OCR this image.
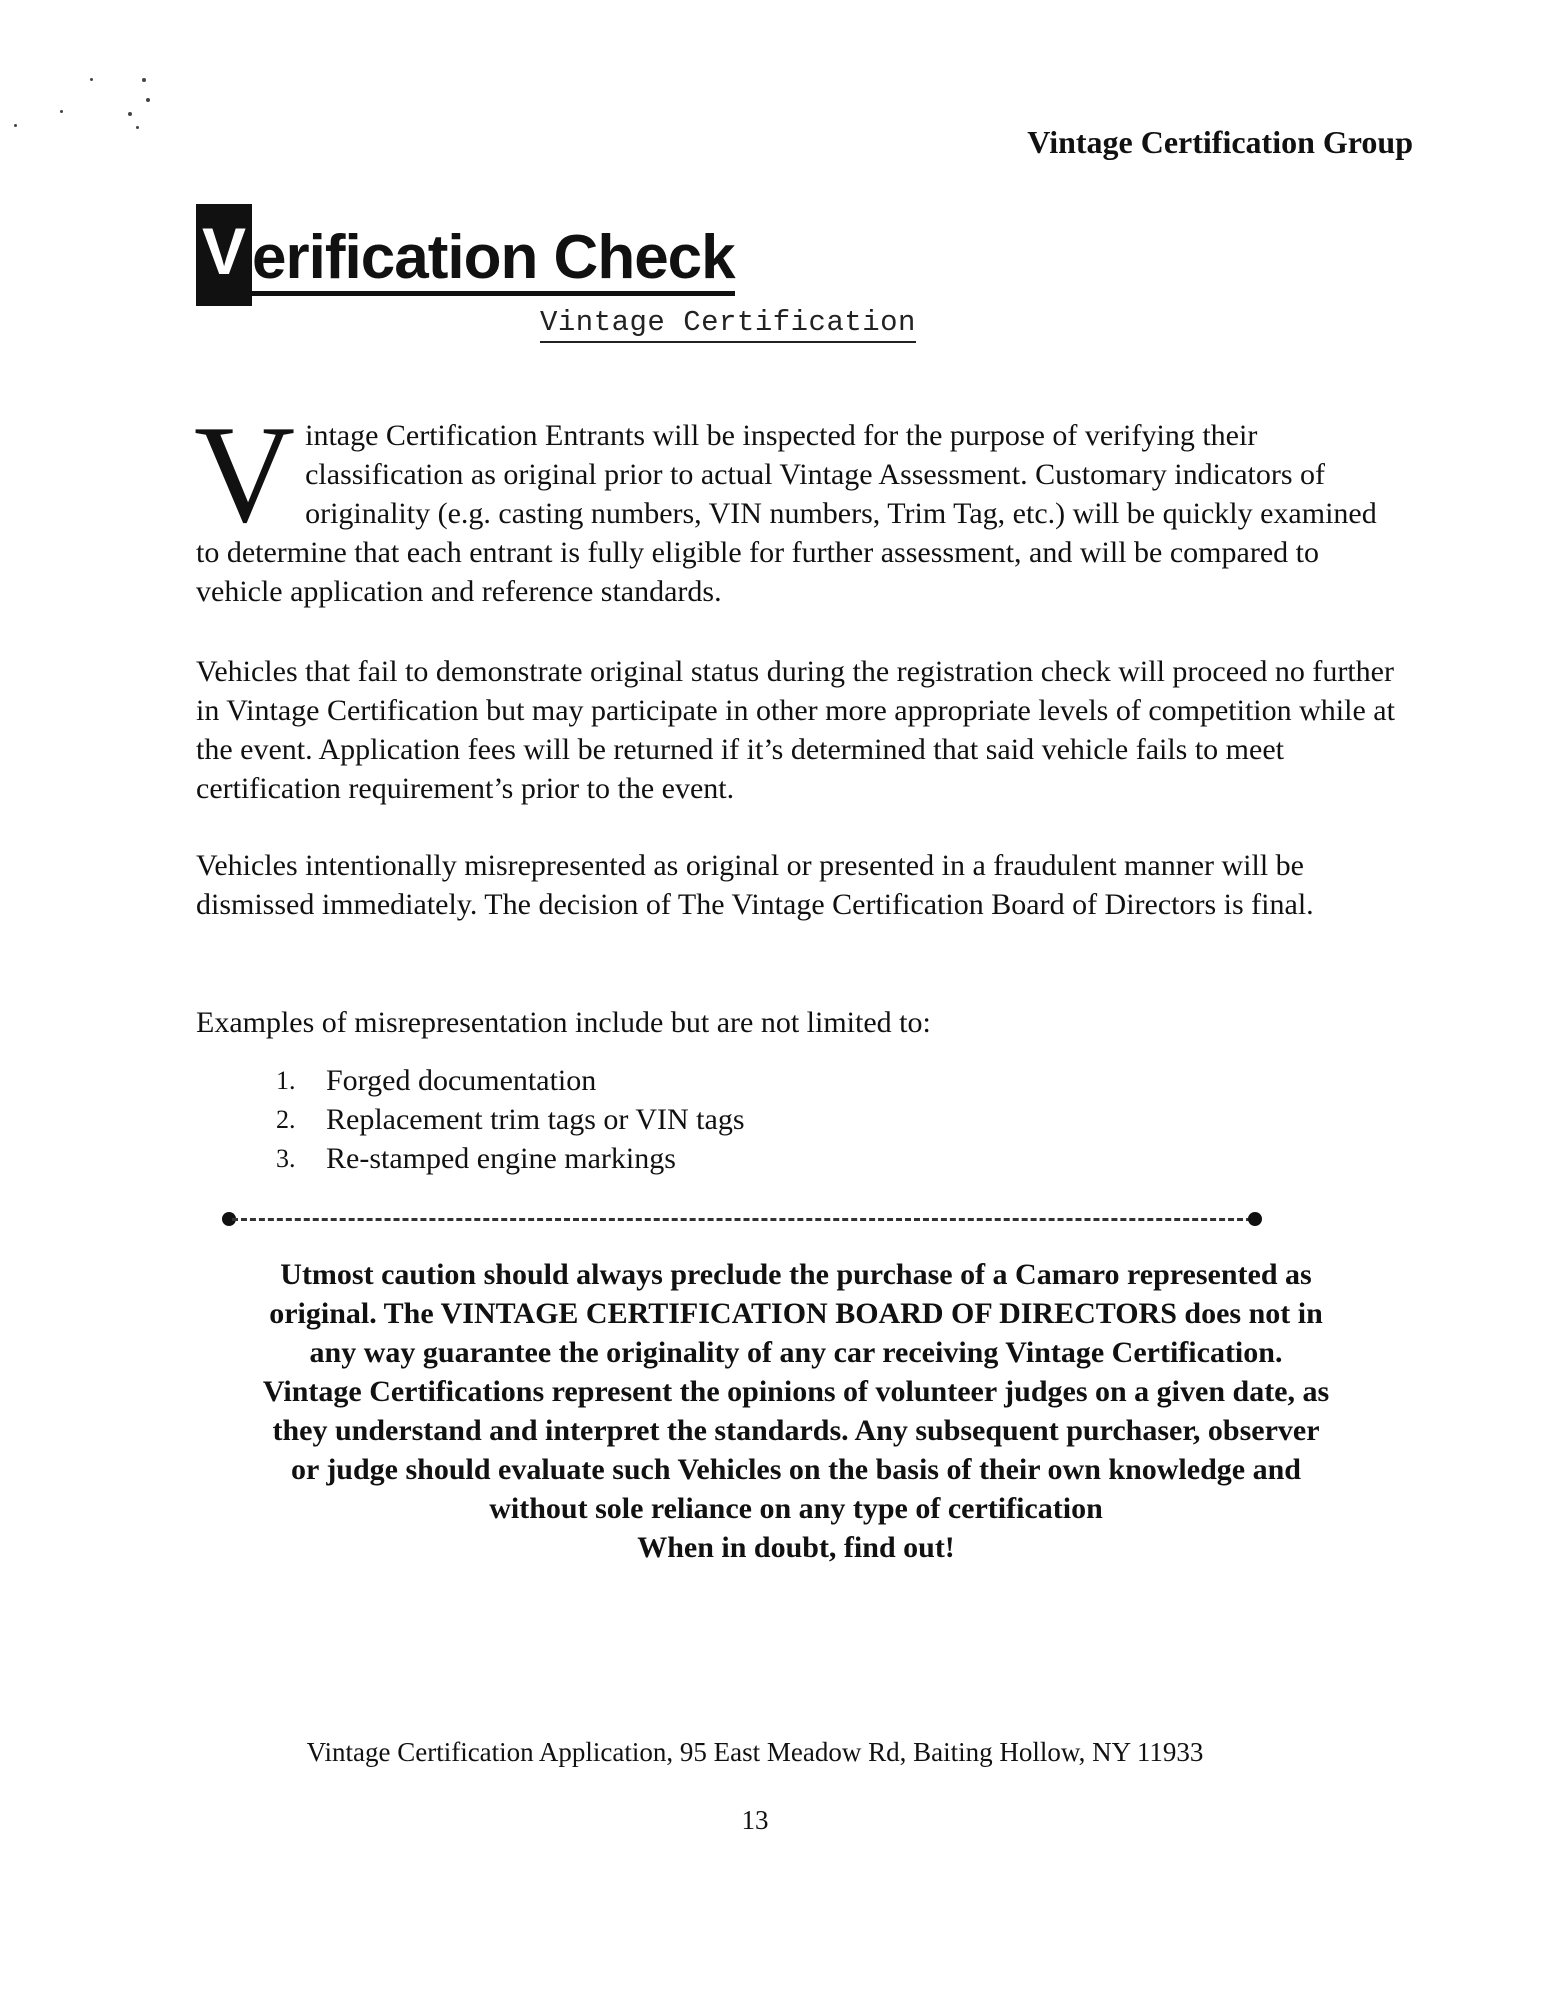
Vintage Certification Group
V erification Check
Vintage Certification

V intage Certification Entrants will be inspected for the purpose of verifying their classification as original prior to actual Vintage Assessment. Customary indicators of originality (e.g. casting numbers, VIN numbers, Trim Tag, etc.) will be quickly examined to determine that each entrant is fully eligible for further assessment, and will be compared to vehicle application and reference standards.

Vehicles that fail to demonstrate original status during the registration check will proceed no further in Vintage Certification but may participate in other more appropriate levels of competition while at the event. Application fees will be returned if it’s determined that said vehicle fails to meet certification requirement’s prior to the event.

Vehicles intentionally misrepresented as original or presented in a fraudulent manner will be dismissed immediately. The decision of The Vintage Certification Board of Directors is final.

Examples of misrepresentation include but are not limited to:

1.	Forged documentation
2.	Replacement trim tags or VIN tags
3.	Re-stamped engine markings

Utmost caution should always preclude the purchase of a Camaro represented as
original. The VINTAGE CERTIFICATION BOARD OF DIRECTORS does not in
any way guarantee the originality of any car receiving Vintage Certification.
Vintage Certifications represent the opinions of volunteer judges on a given date, as
they understand and interpret the standards. Any subsequent purchaser, observer
or judge should evaluate such Vehicles on the basis of their own knowledge and
without sole reliance on any type of certification
When in doubt, find out!

Vintage Certification Application, 95 East Meadow Rd, Baiting Hollow, NY 11933
13
